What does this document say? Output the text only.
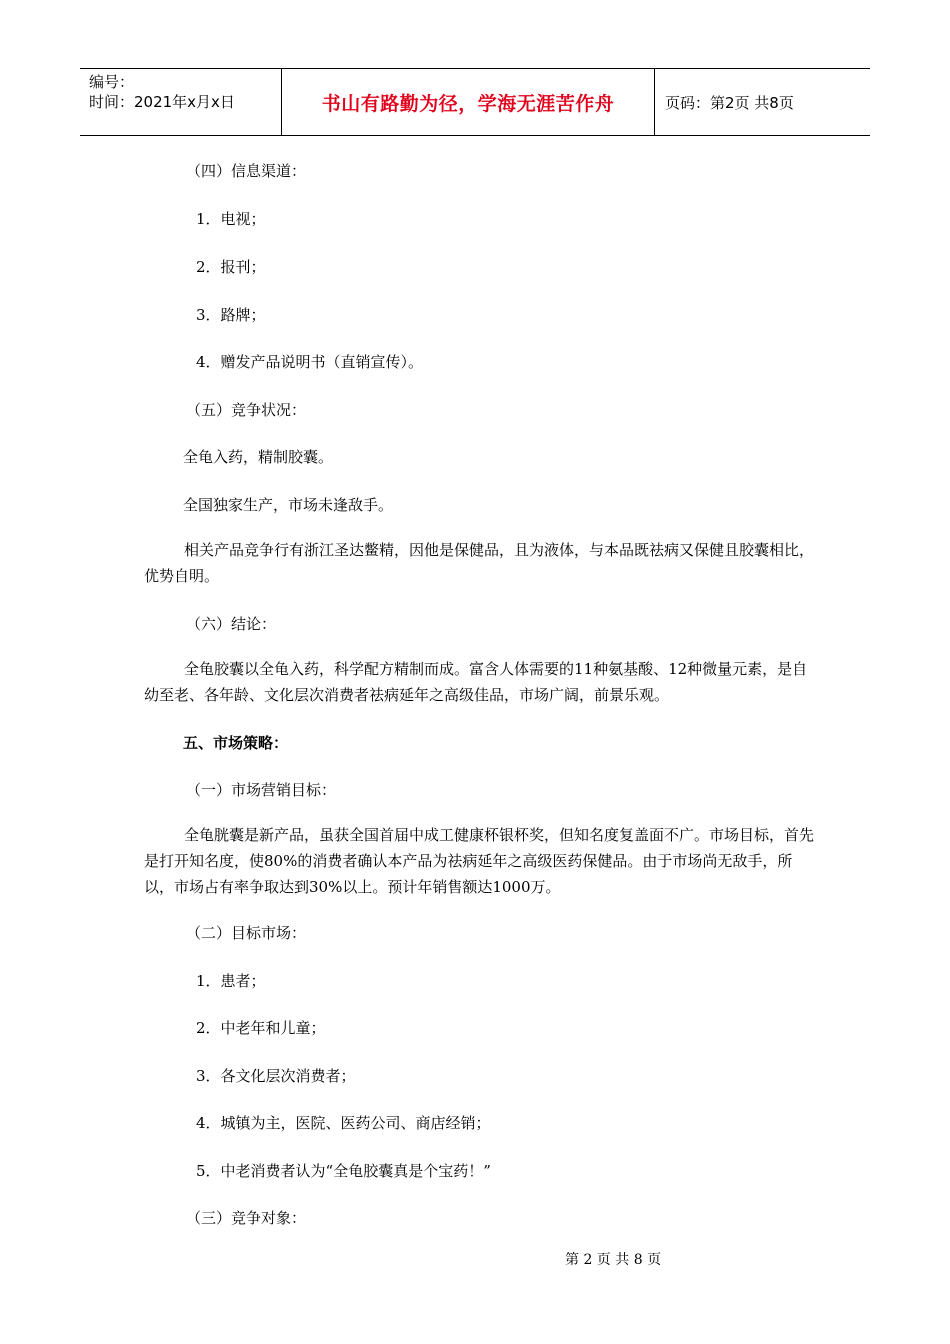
编号：
时间：2021年x月x日	书山有路勤为径，学海无涯苦作舟	页码：第2页 共8页
（四）信息渠道：
1．电视；
2．报刊；
3．路牌；
4．赠发产品说明书（直销宣传）。
（五）竞争状况：
全龟入药，精制胶囊。
全国独家生产，市场未逢敌手。
相关产品竞争行有浙江圣达鳖精，因他是保健品，且为液体，与本品既祛病又保健且胶囊相比，优势自明。
（六）结论：
全龟胶囊以全龟入药，科学配方精制而成。富含人体需要的11种氨基酸、12种微量元素，是自幼至老、各年龄、文化层次消费者祛病延年之高级佳品，市场广阔，前景乐观。
五、市场策略：
（一）市场营销目标：
全龟胱囊是新产品，虽获全国首届中成工健康杯银杯奖，但知名度复盖面不广。市场目标，首先是打开知名度，使80%的消费者确认本产品为祛病延年之高级医药保健品。由于市场尚无敌手，所以，市场占有率争取达到30%以上。预计年销售额达1000万。
（二）目标市场：
1．患者；
2．中老年和儿童；
3．各文化层次消费者；
4．城镇为主，医院、医药公司、商店经销；
5．中老消费者认为“全龟胶囊真是个宝药！”
（三）竞争对象：
第 2 页 共 8 页
